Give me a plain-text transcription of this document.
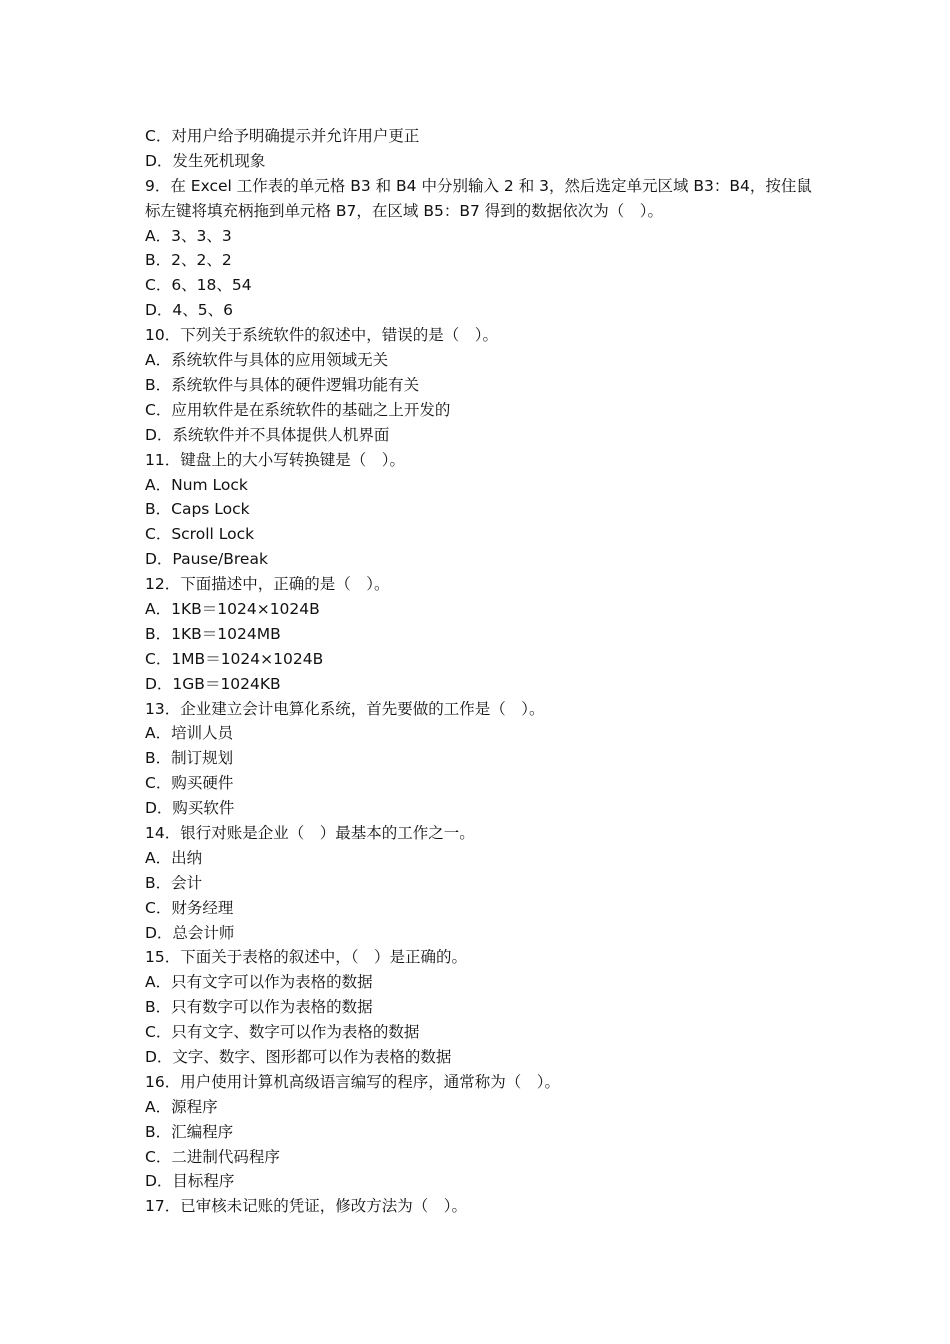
C．对用户给予明确提示并允许用户更正
D．发生死机现象
9．在 Excel 工作表的单元格 B3 和 B4 中分别输入 2 和 3，然后选定单元区域 B3：B4，按住鼠标左键将填充柄拖到单元格 B7，在区域 B5：B7 得到的数据依次为（　）。
A．3、3、3
B．2、2、2
C．6、18、54
D．4、5、6
10．下列关于系统软件的叙述中，错误的是（　）。
A．系统软件与具体的应用领域无关
B．系统软件与具体的硬件逻辑功能有关
C．应用软件是在系统软件的基础之上开发的
D．系统软件并不具体提供人机界面
11．键盘上的大小写转换键是（　）。
A．Num Lock
B．Caps Lock
C．Scroll Lock
D．Pause/Break
12．下面描述中，正确的是（　）。
A．1KB＝1024×1024B
B．1KB＝1024MB
C．1MB＝1024×1024B
D．1GB＝1024KB
13．企业建立会计电算化系统，首先要做的工作是（　）。
A．培训人员
B．制订规划
C．购买硬件
D．购买软件
14．银行对账是企业（　）最基本的工作之一。
A．出纳
B．会计
C．财务经理
D．总会计师
15．下面关于表格的叙述中，（　）是正确的。
A．只有文字可以作为表格的数据
B．只有数字可以作为表格的数据
C．只有文字、数字可以作为表格的数据
D．文字、数字、图形都可以作为表格的数据
16．用户使用计算机高级语言编写的程序，通常称为（　）。
A．源程序
B．汇编程序
C．二进制代码程序
D．目标程序
17．已审核未记账的凭证，修改方法为（　）。
